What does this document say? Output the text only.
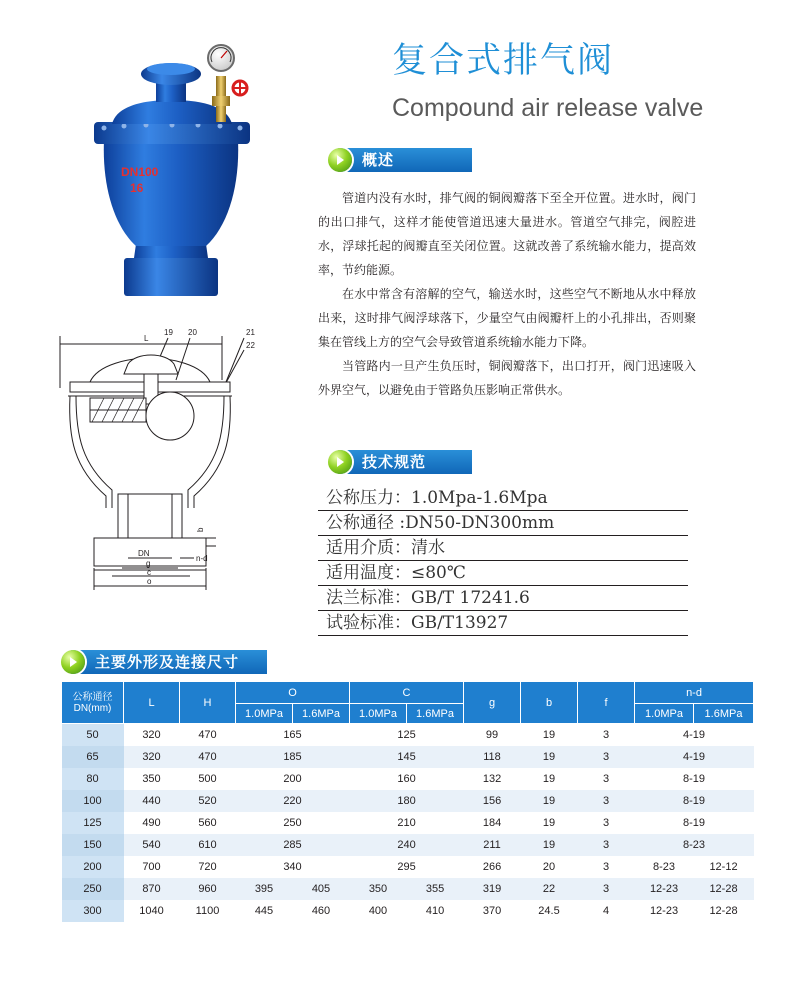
DN100
16
复合式排气阀
Compound air release valve
概述

管道内没有水时，排气阀的铜阀瓣落下至全开位置。进水时，阀门的出口排气，这样才能使管道迅速大量进水。管道空气排完，阀腔进水，浮球托起的阀瓣直至关闭位置。这就改善了系统输水能力，提高效率，节约能源。

在水中常含有溶解的空气，输送水时，这些空气不断地从水中释放出来，这时排气阀浮球落下，少量空气由阀瓣杆上的小孔排出，否则聚集在管线上方的空气会导致管道系统输水能力下降。

当管路内一旦产生负压时，铜阀瓣落下，出口打开，阀门迅速吸入外界空气，以避免由于管路负压影响正常供水。

L
19 20	21
22
b
n-d
DN
g
c
o
技术规范
公称压力：1.0Mpa-1.6Mpa
公称通径 :DN50-DN300mm
适用介质：清水
适用温度：≤80℃
法兰标准：GB/T 17241.6
试验标准：GB/T13927
主要外形及连接尺寸
公称通径DN(mm)	L	H	O		C		g	b	f	n-d	
			1.0MPa	1.6MPa	1.0MPa	1.6MPa				1.0MPa	1.6MPa
50	320	470	165		125		99	19	3	4-19	
65	320	470	185		145		118	19	3	4-19	
80	350	500	200		160		132	19	3	8-19	
100	440	520	220		180		156	19	3	8-19	
125	490	560	250		210		184	19	3	8-19	
150	540	610	285		240		211	19	3	8-23	
200	700	720	340		295		266	20	3	8-23	12-12
250	870	960	395	405	350	355	319	22	3	12-23	12-28
300	1040	1100	445	460	400	410	370	24.5	4	12-23	12-28
